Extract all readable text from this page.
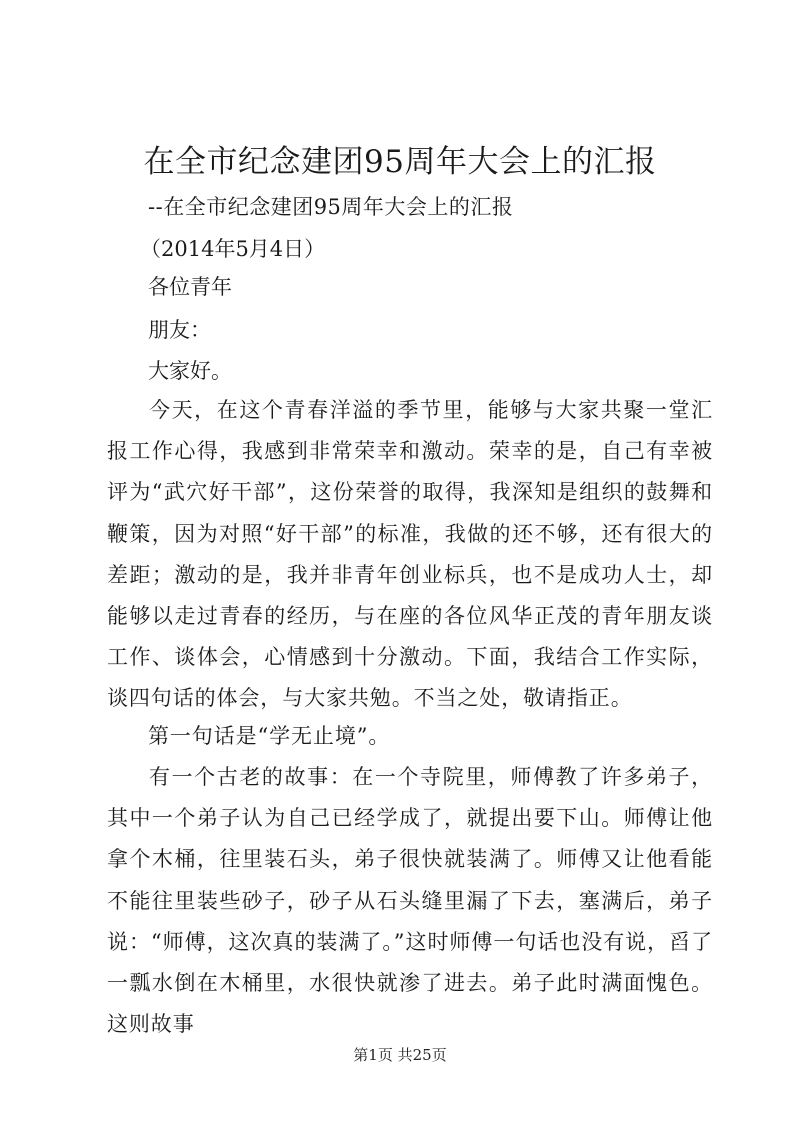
在全市纪念建团95周年大会上的汇报
--在全市纪念建团95周年大会上的汇报
（2014年5月4日）
各位青年
朋友：
大家好。

今天，在这个青春洋溢的季节里，能够与大家共聚一堂汇报工作心得，我感到非常荣幸和激动。荣幸的是，自己有幸被评为“武穴好干部”，这份荣誉的取得，我深知是组织的鼓舞和鞭策，因为对照“好干部”的标准，我做的还不够，还有很大的差距；激动的是，我并非青年创业标兵，也不是成功人士，却能够以走过青春的经历，与在座的各位风华正茂的青年朋友谈工作、谈体会，心情感到十分激动。下面，我结合工作实际，谈四句话的体会，与大家共勉。不当之处，敬请指正。

第一句话是“学无止境”。

有一个古老的故事：在一个寺院里，师傅教了许多弟子，其中一个弟子认为自己已经学成了，就提出要下山。师傅让他拿个木桶，往里装石头，弟子很快就装满了。师傅又让他看能不能往里装些砂子，砂子从石头缝里漏了下去，塞满后，弟子说：“师傅，这次真的装满了。”这时师傅一句话也没有说，舀了一瓢水倒在木桶里，水很快就渗了进去。弟子此时满面愧色。这则故事

第1页 共25页
